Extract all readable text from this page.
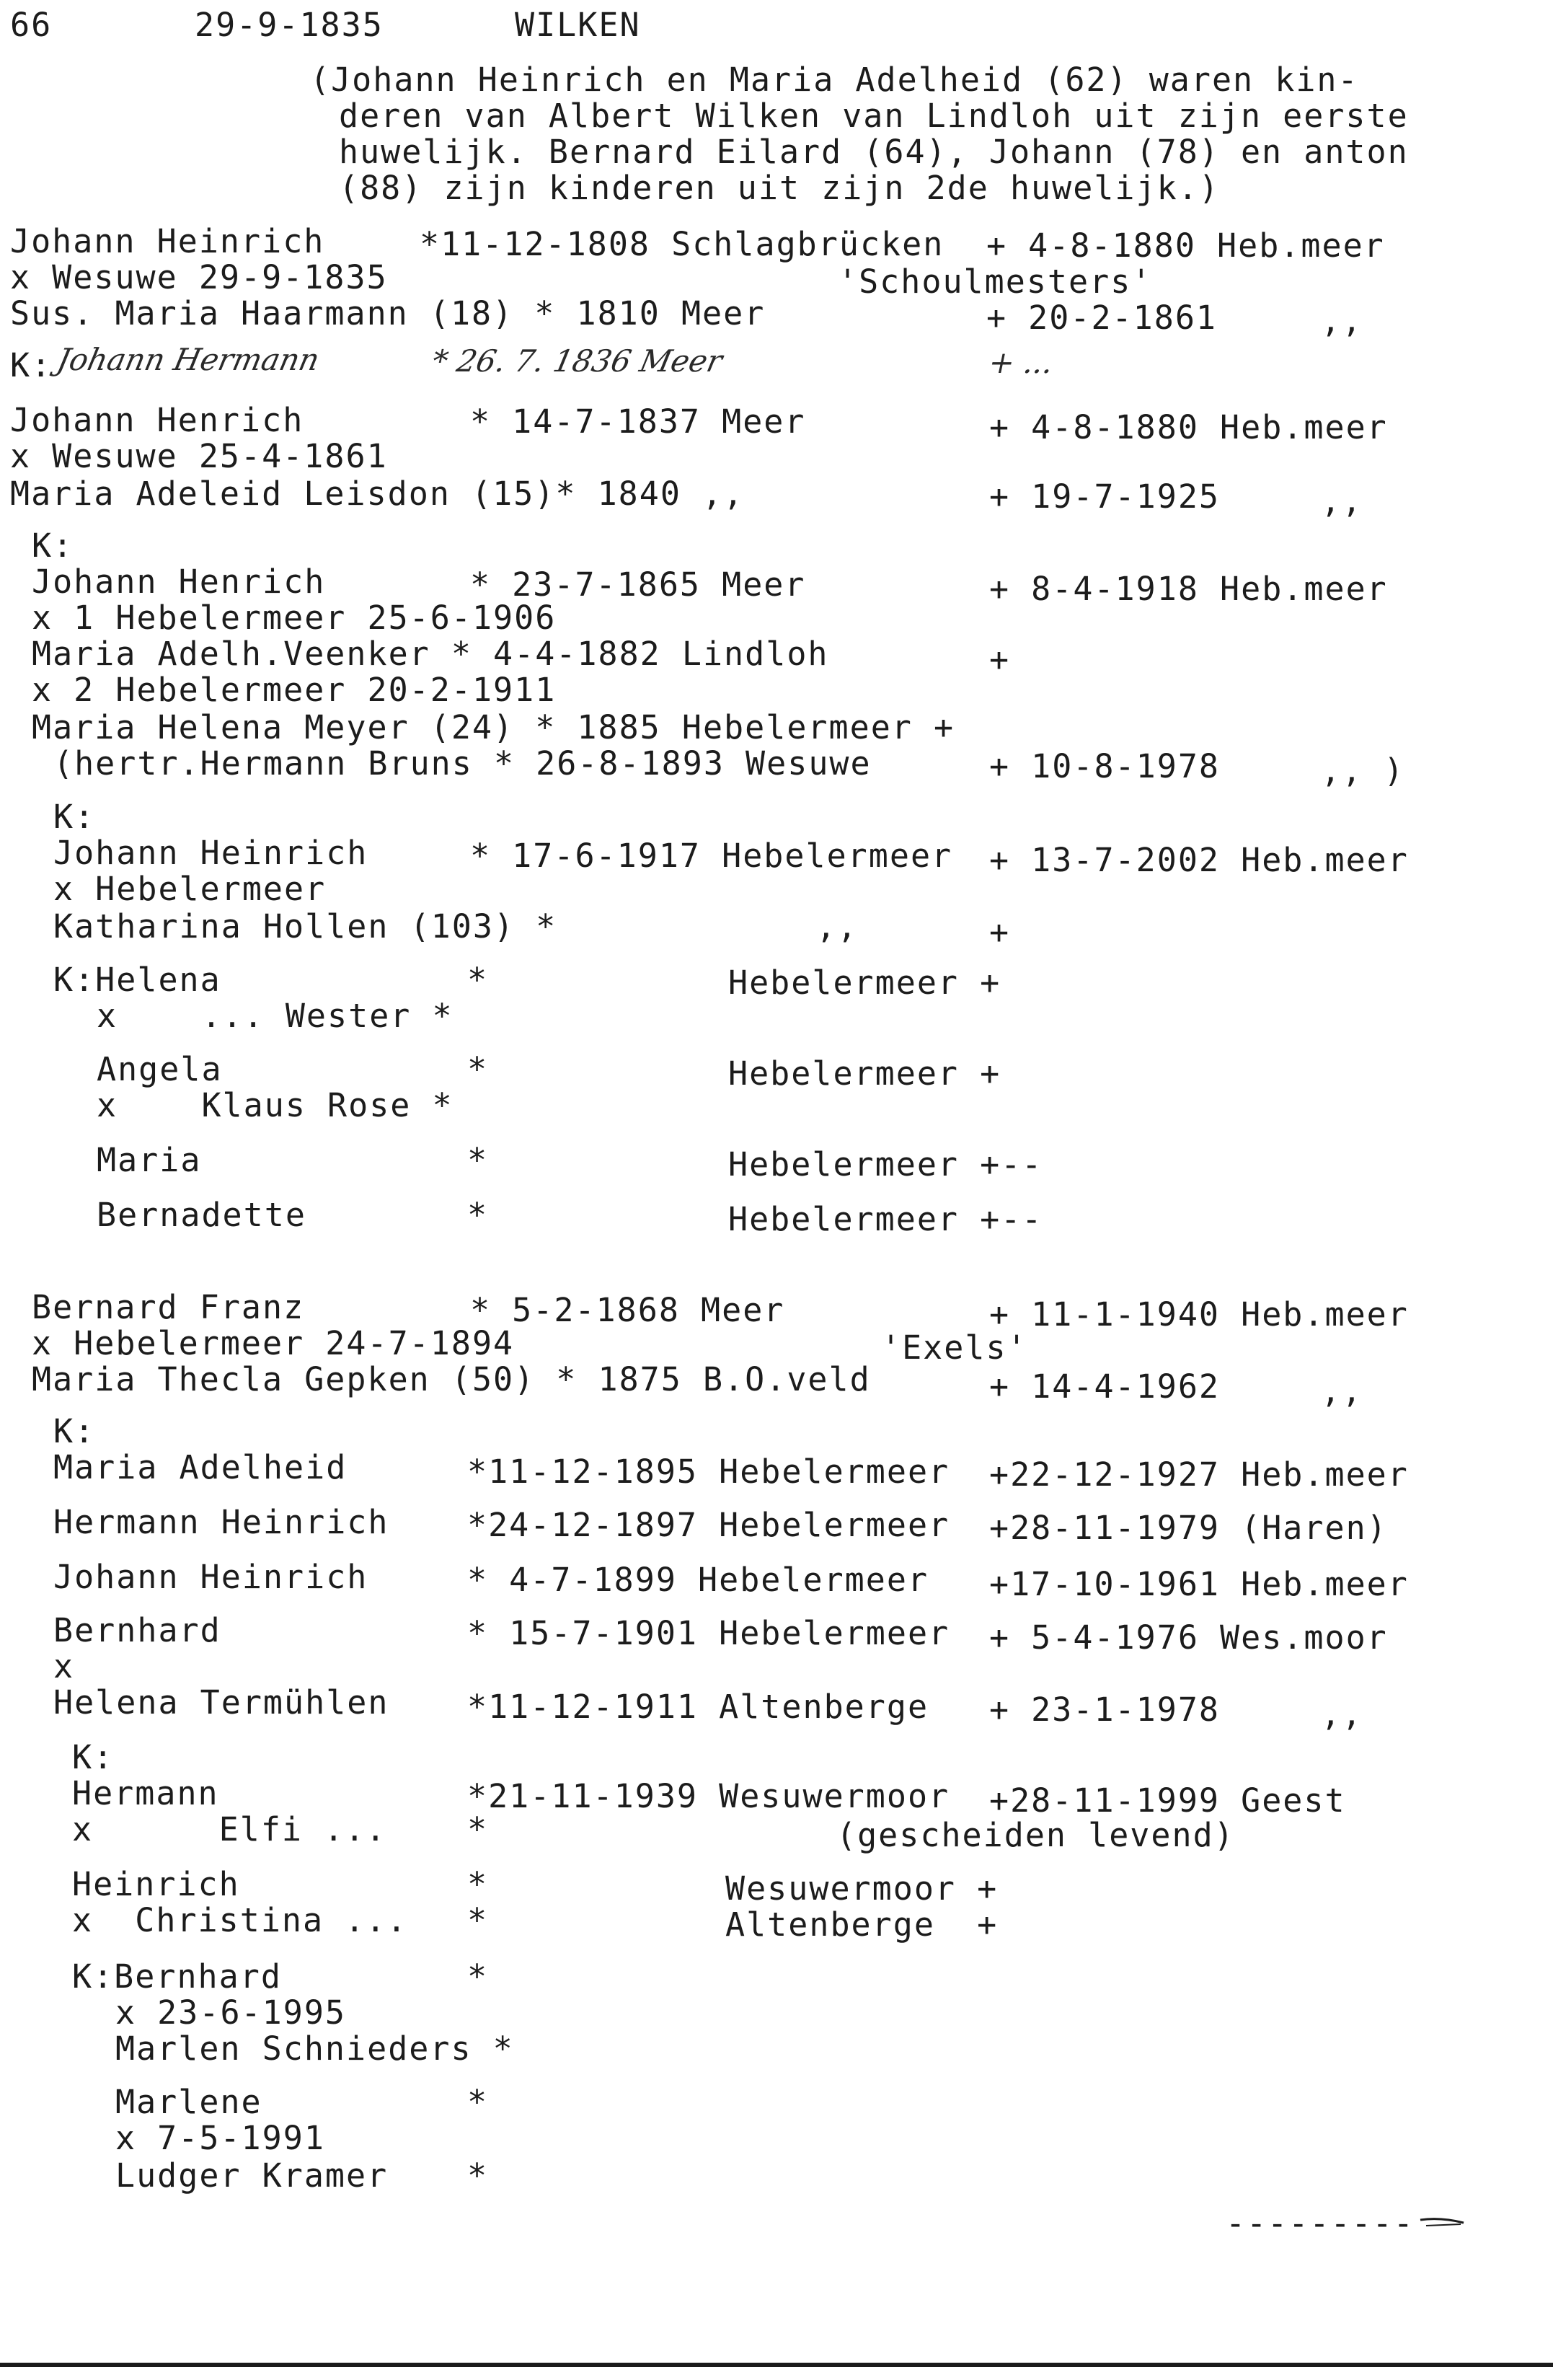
66	29-9-1835	WILKEN
(Johann Heinrich en Maria Adelheid (62) waren kin-
deren van Albert Wilken van Lindloh uit zijn eerste
huwelijk. Bernard Eilard (64), Johann (78) en anton
(88) zijn kinderen uit zijn 2de huwelijk.)
Johann Heinrich	*11-12-1808 Schlagbrücken + 4-8-1880 Heb.meer
x Wesuwe 29-9-1835	'Schoulmesters'
Sus. Maria Haarmann (18) * 1810 Meer	+ 20-2-1861	,,
K: Johann Hermann	* 26. 7. 1836 Meer	+ ...
Johann Henrich	* 14-7-1837 Meer	+ 4-8-1880 Heb.meer
x Wesuwe 25-4-1861
Maria Adeleid Leisdon (15)* 1840 ,,	+ 19-7-1925	,,
K:
Johann Henrich	* 23-7-1865 Meer	+ 8-4-1918 Heb.meer
x 1 Hebelermeer 25-6-1906
Maria Adelh.Veenker * 4-4-1882 Lindloh	+
x 2 Hebelermeer 20-2-1911
Maria Helena Meyer (24) * 1885 Hebelermeer +
(hertr.Hermann Bruns * 26-8-1893 Wesuwe	+ 10-8-1978	,, )
K:
Johann Heinrich	* 17-6-1917 Hebelermeer + 13-7-2002 Heb.meer
x Hebelermeer
Katharina Hollen (103) *	,,	+
K:Helena	*	Hebelermeer +
x    ... Wester *
Angela	*	Hebelermeer +
x    Klaus Rose *
Maria	*	Hebelermeer +--
Bernadette	*	Hebelermeer +--
Bernard Franz	* 5-2-1868 Meer	+ 11-1-1940 Heb.meer
x Hebelermeer 24-7-1894	'Exels'
Maria Thecla Gepken (50) * 1875 B.O.veld	+ 14-4-1962	,,
K:
Maria Adelheid	*11-12-1895 Hebelermeer +22-12-1927 Heb.meer
Hermann Heinrich *24-12-1897 Hebelermeer +28-11-1979 (Haren)
Johann Heinrich	* 4-7-1899 Hebelermeer +17-10-1961 Heb.meer
Bernhard	* 15-7-1901 Hebelermeer + 5-4-1976 Wes.moor
x
Helena Termühlen *11-12-1911 Altenberge + 23-1-1978	,,
K:
Hermann	*21-11-1939 Wesuwermoor +28-11-1999 Geest
x      Elfi ... *	(gescheiden levend)
Heinrich	*	Wesuwermoor +
x  Christina ... *	Altenberge  +
K:Bernhard	*
x 23-6-1995
Marlen Schnieders *
Marlene	*
x 7-5-1991
Ludger Kramer *
---------
